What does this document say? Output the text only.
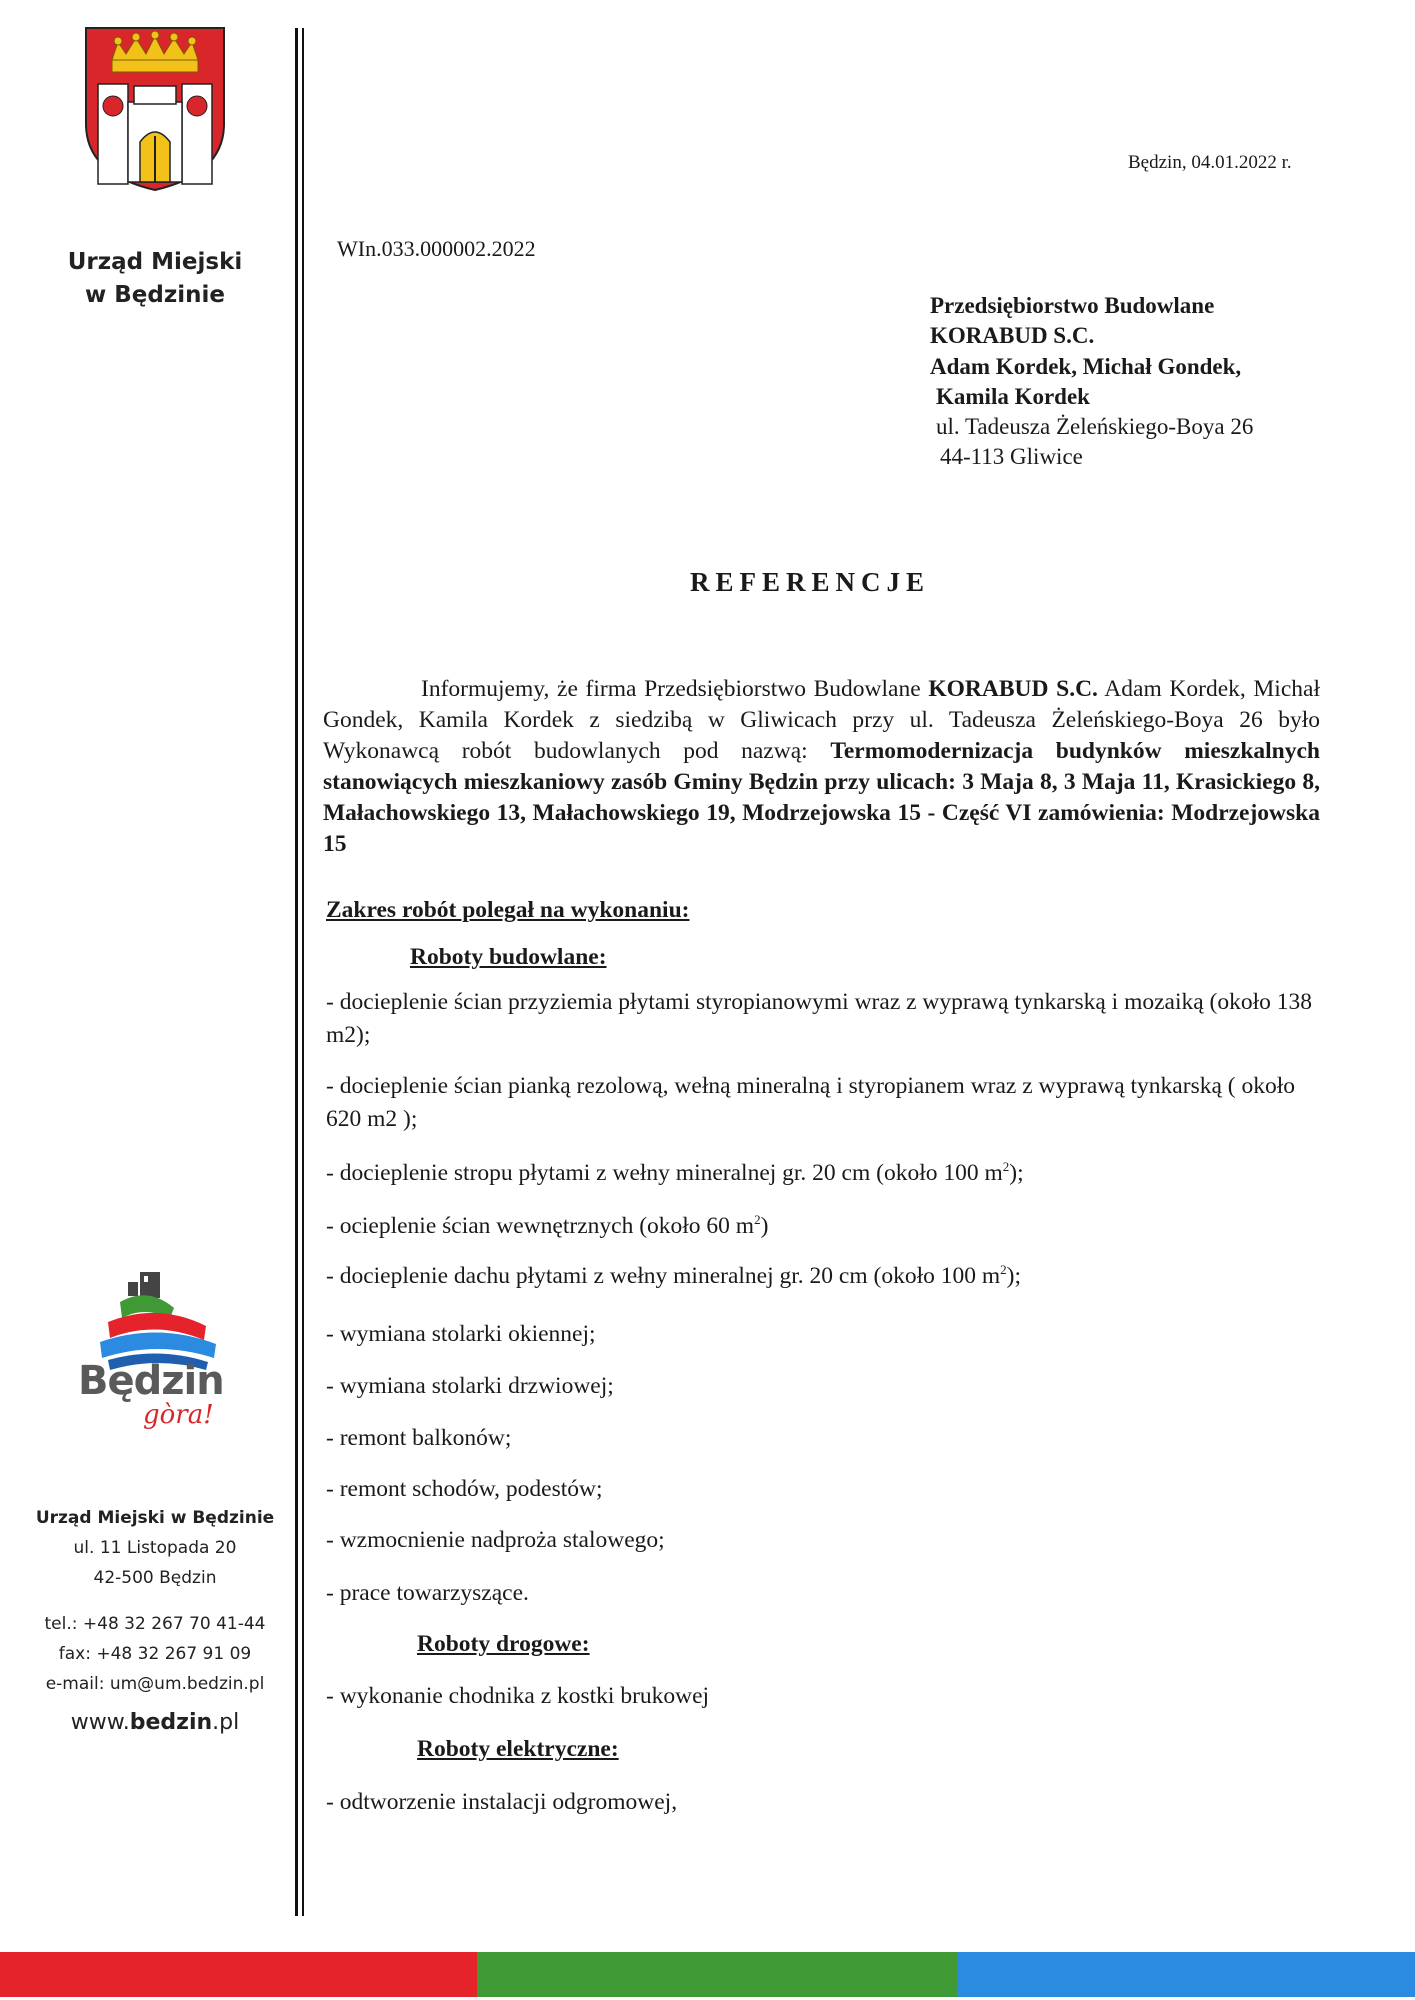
Urząd Miejski
w Będzinie
Będzin
gòra!
Urząd Miejski w Będzinie
ul. 11 Listopada 20
42-500 Będzin
tel.: +48 32 267 70 41-44
fax: +48 32 267 91 09
e-mail: um@um.bedzin.pl
www.bedzin.pl
Będzin, 04.01.2022 r.
WIn.033.000002.2022
Przedsiębiorstwo Budowlane
KORABUD S.C.
Adam Kordek, Michał Gondek,
Kamila Kordek
ul. Tadeusza Żeleńskiego-Boya 26
44-113 Gliwice
REFERENCJE
Informujemy, że firma Przedsiębiorstwo Budowlane KORABUD S.C. Adam Kordek, Michał Gondek, Kamila Kordek z siedzibą w Gliwicach przy ul. Tadeusza Żeleńskiego-Boya 26 było Wykonawcą robót budowlanych pod nazwą: Termomodernizacja budynków mieszkalnych stanowiących mieszkaniowy zasób Gminy Będzin przy ulicach: 3 Maja 8, 3 Maja 11, Krasickiego 8, Małachowskiego 13, Małachowskiego 19, Modrzejowska 15 - Część VI zamówienia: Modrzejowska 15
Zakres robót polegał na wykonaniu:
Roboty budowlane:
- docieplenie ścian przyziemia płytami styropianowymi wraz z wyprawą tynkarską i mozaiką (około 138 m2);
- docieplenie ścian pianką rezolową, wełną mineralną i styropianem wraz z wyprawą tynkarską ( około 620 m2 );
- docieplenie stropu płytami z wełny mineralnej gr. 20 cm (około 100 $m^2$);
- ocieplenie ścian wewnętrznych (około 60 $m^2$)
- docieplenie dachu płytami z wełny mineralnej gr. 20 cm (około 100 $m^2$);
- wymiana stolarki okiennej;
- wymiana stolarki drzwiowej;
- remont balkonów;
- remont schodów, podestów;
- wzmocnienie nadproża stalowego;
- prace towarzyszące.
Roboty drogowe:
- wykonanie chodnika z kostki brukowej
Roboty elektryczne:
- odtworzenie instalacji odgromowej,
